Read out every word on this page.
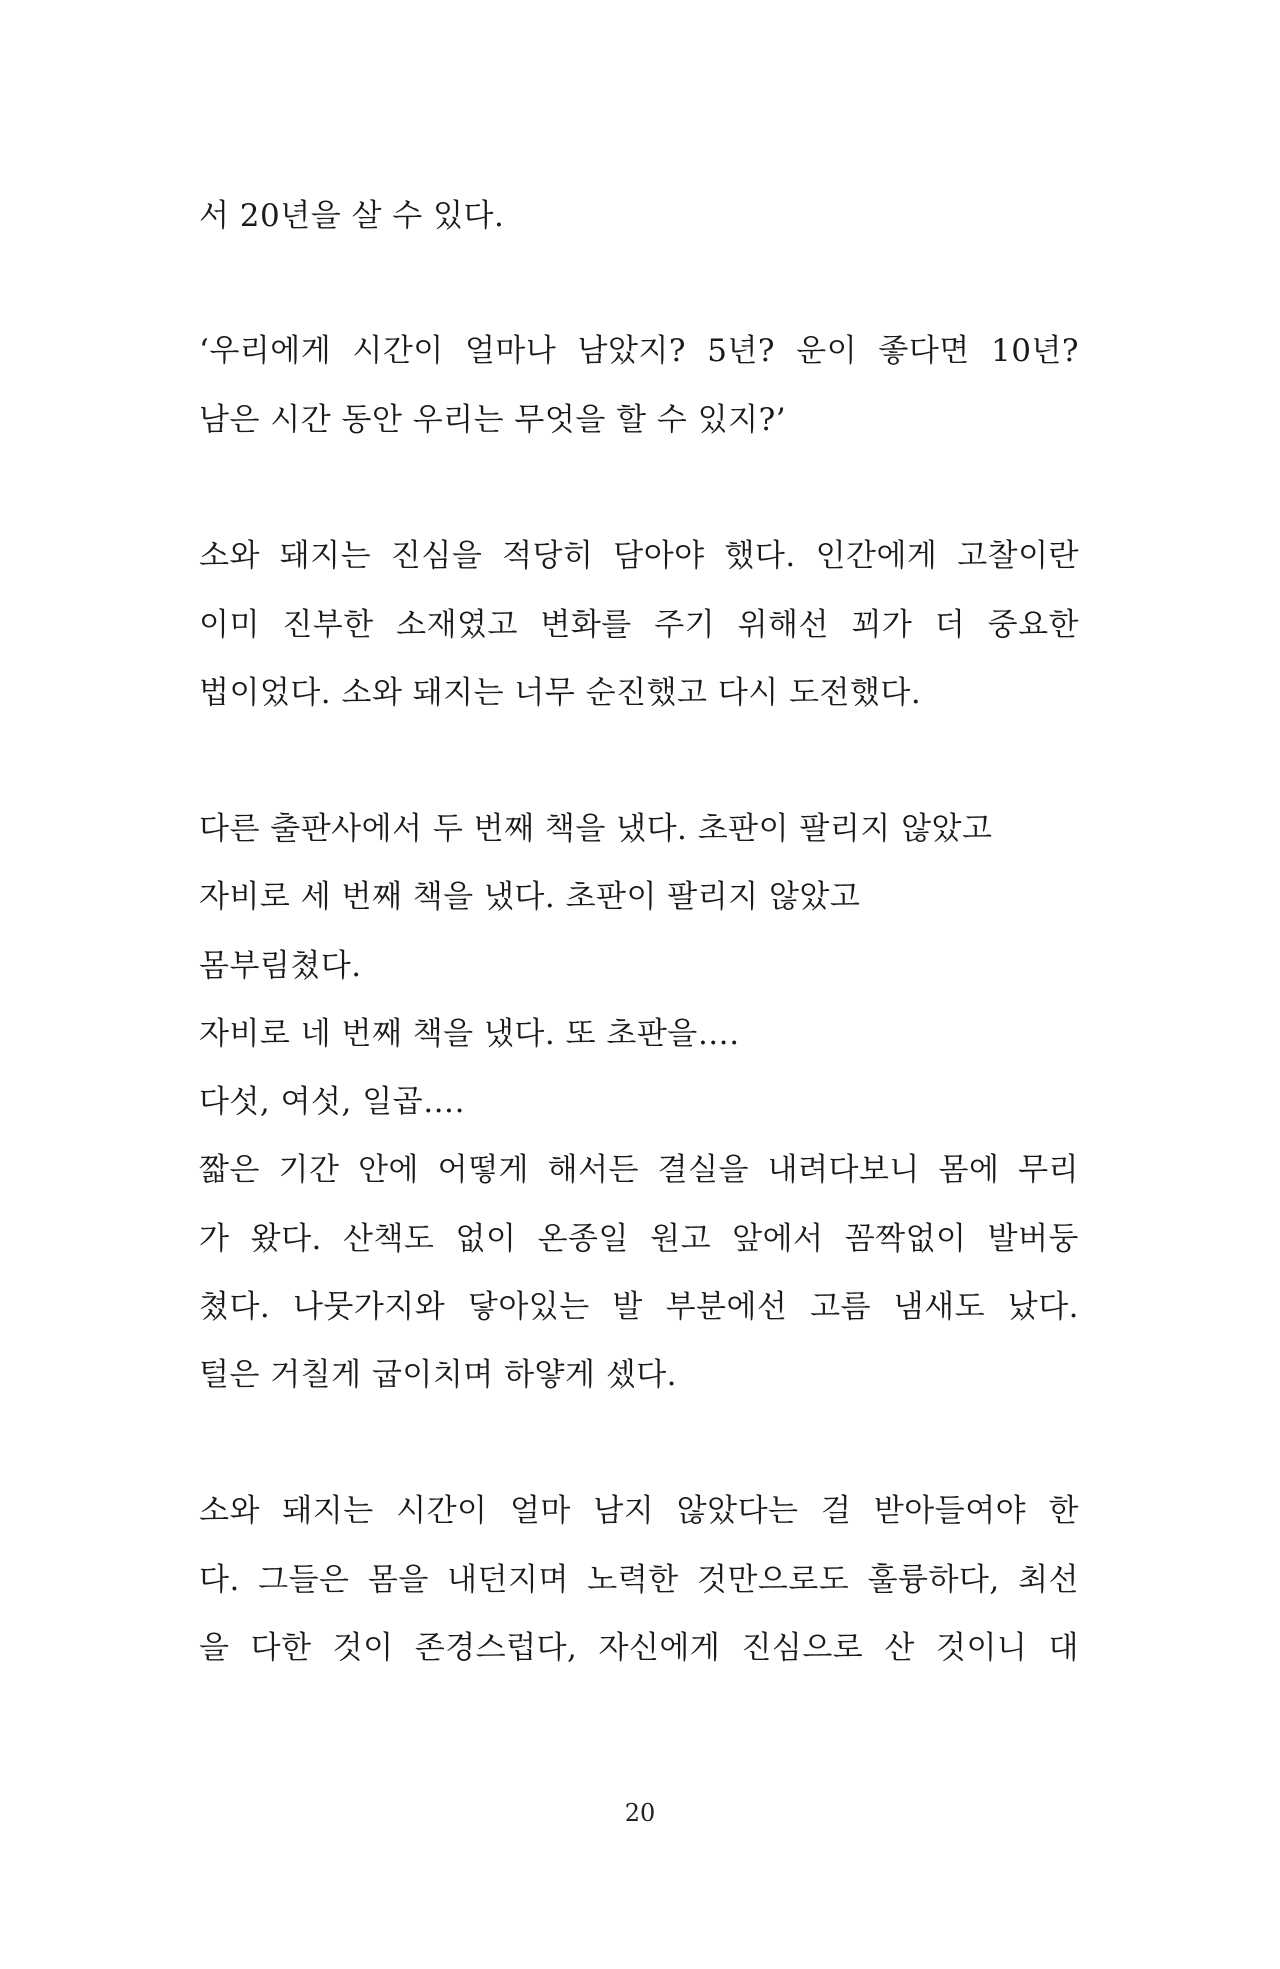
서 20년을 살 수 있다.
‘우리에게 시간이 얼마나 남았지? 5년? 운이 좋다면 10년?
남은 시간 동안 우리는 무엇을 할 수 있지?’
소와 돼지는 진심을 적당히 담아야 했다. 인간에게 고찰이란
이미 진부한 소재였고 변화를 주기 위해선 꾀가 더 중요한
법이었다. 소와 돼지는 너무 순진했고 다시 도전했다.
다른 출판사에서 두 번째 책을 냈다. 초판이 팔리지 않았고
자비로 세 번째 책을 냈다. 초판이 팔리지 않았고
몸부림쳤다.
자비로 네 번째 책을 냈다. 또 초판을….
다섯, 여섯, 일곱….
짧은 기간 안에 어떻게 해서든 결실을 내려다보니 몸에 무리
가 왔다. 산책도 없이 온종일 원고 앞에서 꼼짝없이 발버둥
쳤다. 나뭇가지와 닿아있는 발 부분에선 고름 냄새도 났다.
털은 거칠게 굽이치며 하얗게 셌다.
소와 돼지는 시간이 얼마 남지 않았다는 걸 받아들여야 한
다. 그들은 몸을 내던지며 노력한 것만으로도 훌륭하다, 최선
을 다한 것이 존경스럽다, 자신에게 진심으로 산 것이니 대
20
